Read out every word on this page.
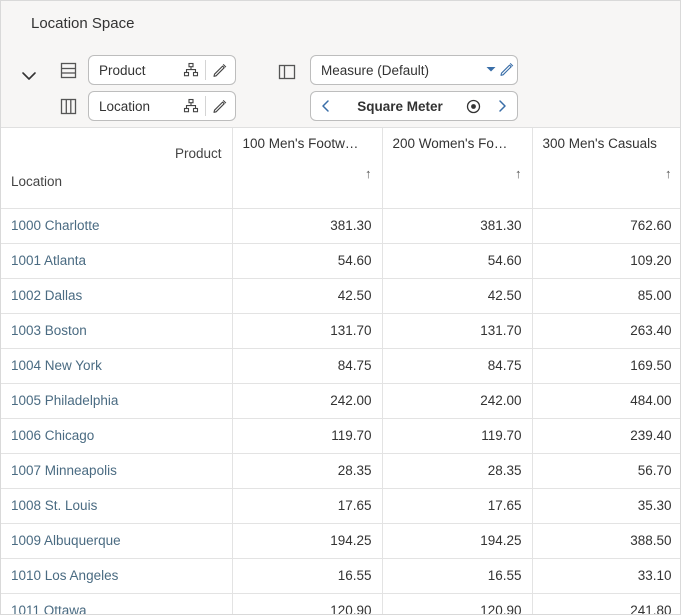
Location Space
Product
Location
Measure (Default)
Square Meter
Product	100 Men's Footw…	200 Women's Fo…	300 Men's Casuals
Location	↑	↑	↑
1000 Charlotte	381.30	381.30	762.60
1001 Atlanta	54.60	54.60	109.20
1002 Dallas	42.50	42.50	85.00
1003 Boston	131.70	131.70	263.40
1004 New York	84.75	84.75	169.50
1005 Philadelphia	242.00	242.00	484.00
1006 Chicago	119.70	119.70	239.40
1007 Minneapolis	28.35	28.35	56.70
1008 St. Louis	17.65	17.65	35.30
1009 Albuquerque	194.25	194.25	388.50
1010 Los Angeles	16.55	16.55	33.10
1011 Ottawa	120.90	120.90	241.80
